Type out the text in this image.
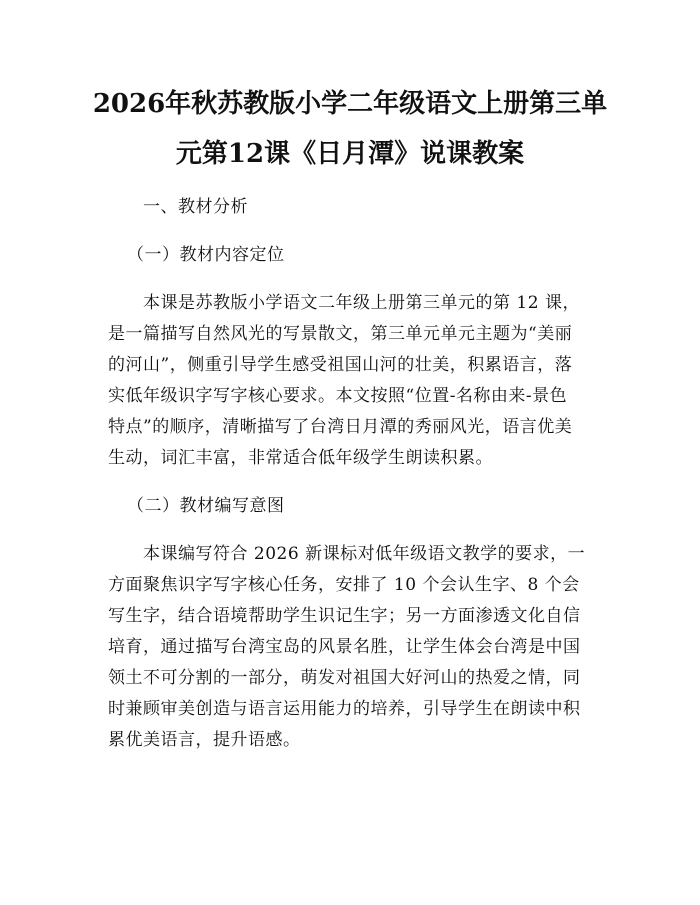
2026年秋苏教版小学二年级语文上册第三单
元第12课《日月潭》说课教案
一、教材分析
（一）教材内容定位
本课是苏教版小学语文二年级上册第三单元的第 12 课，
是一篇描写自然风光的写景散文，第三单元单元主题为“美丽
的河山”，侧重引导学生感受祖国山河的壮美，积累语言，落
实低年级识字写字核心要求。本文按照“位置-名称由来-景色
特点”的顺序，清晰描写了台湾日月潭的秀丽风光，语言优美
生动，词汇丰富，非常适合低年级学生朗读积累。
（二）教材编写意图
本课编写符合 2026 新课标对低年级语文教学的要求，一
方面聚焦识字写字核心任务，安排了 10 个会认生字、8 个会
写生字，结合语境帮助学生识记生字；另一方面渗透文化自信
培育，通过描写台湾宝岛的风景名胜，让学生体会台湾是中国
领土不可分割的一部分，萌发对祖国大好河山的热爱之情，同
时兼顾审美创造与语言运用能力的培养，引导学生在朗读中积
累优美语言，提升语感。
